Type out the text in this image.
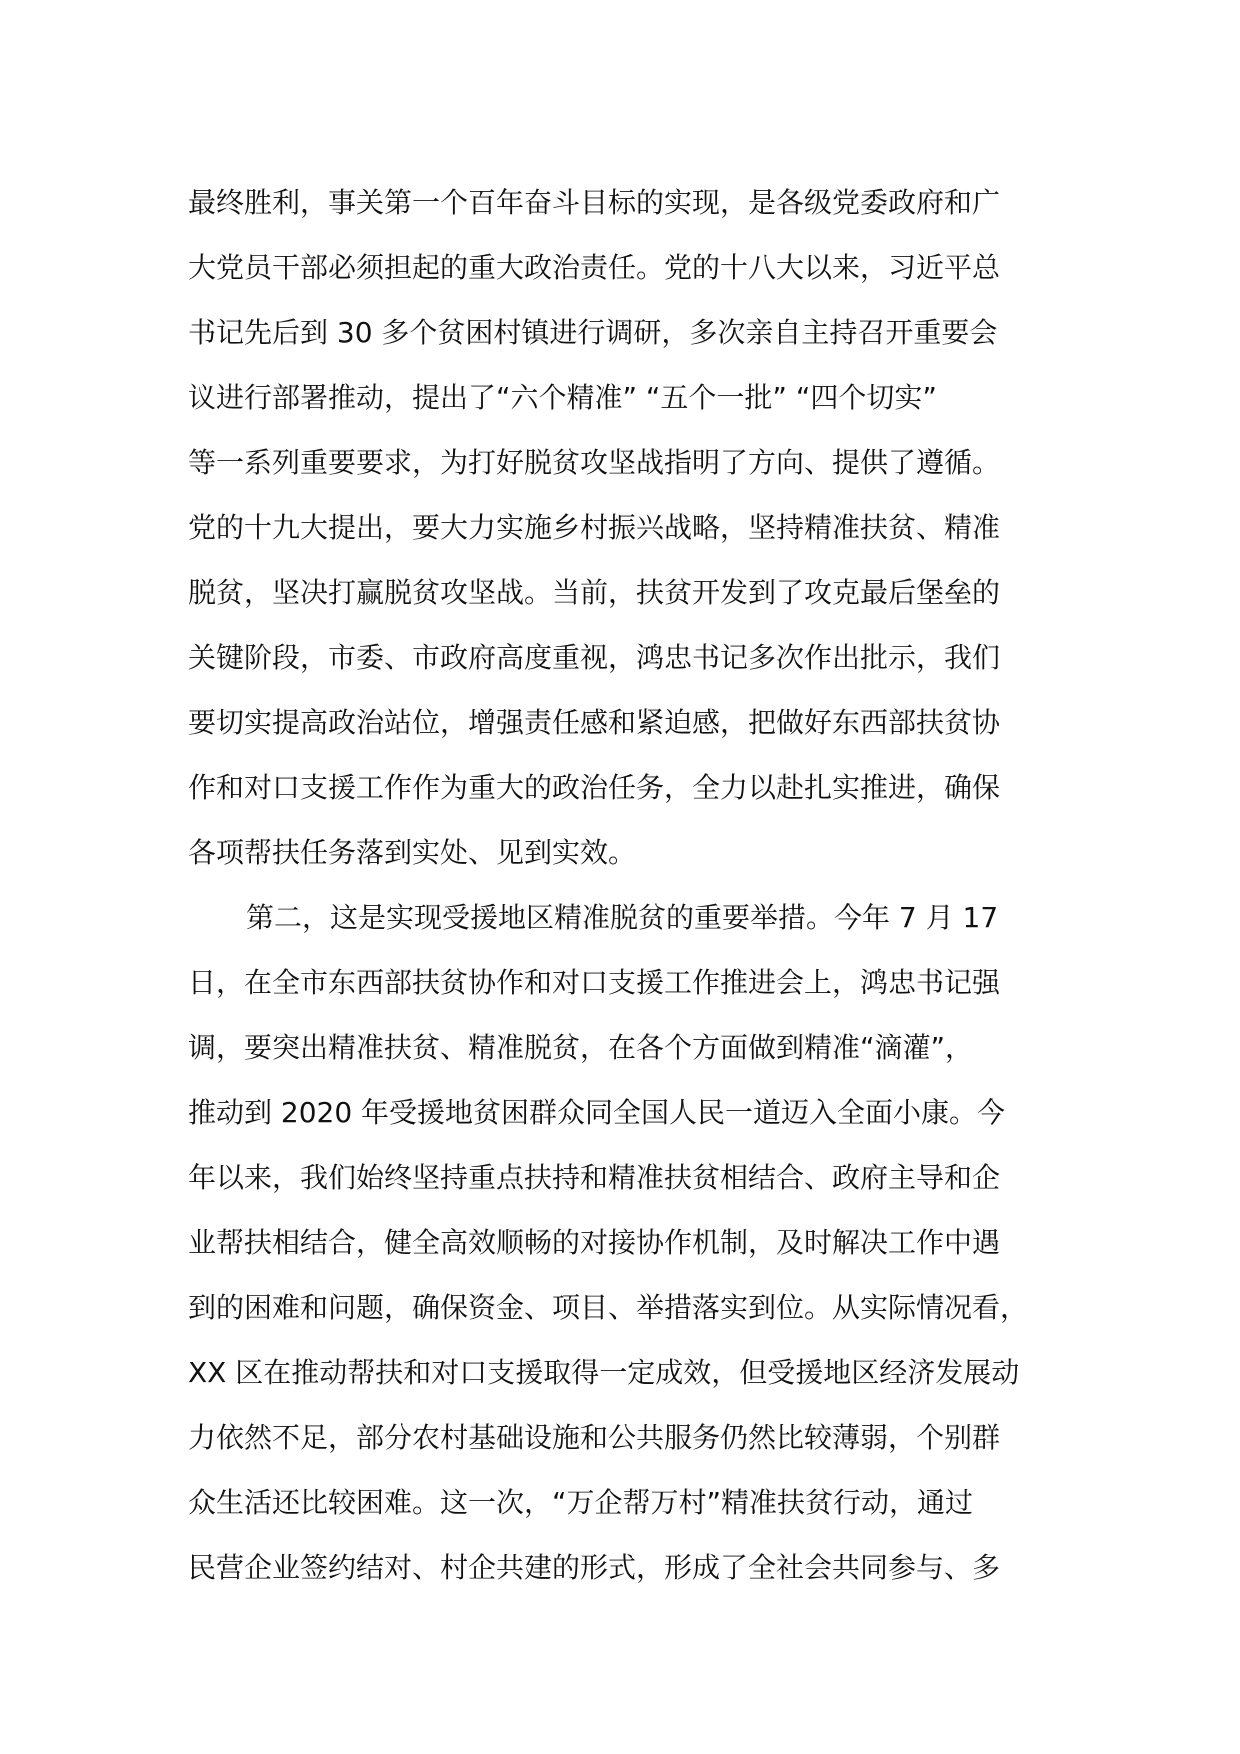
最终胜利，事关第一个百年奋斗目标的实现，是各级党委政府和广
大党员干部必须担起的重大政治责任。党的十八大以来，习近平总
书记先后到 30 多个贫困村镇进行调研，多次亲自主持召开重要会
议进行部署推动，提出了“六个精准” “五个一批” “四个切实”
等一系列重要要求，为打好脱贫攻坚战指明了方向、提供了遵循。
党的十九大提出，要大力实施乡村振兴战略，坚持精准扶贫、精准
脱贫，坚决打赢脱贫攻坚战。当前，扶贫开发到了攻克最后堡垒的
关键阶段，市委、市政府高度重视，鸿忠书记多次作出批示，我们
要切实提高政治站位，增强责任感和紧迫感，把做好东西部扶贫协
作和对口支援工作作为重大的政治任务，全力以赴扎实推进，确保
各项帮扶任务落到实处、见到实效。
第二，这是实现受援地区精准脱贫的重要举措。今年 7 月 17
日，在全市东西部扶贫协作和对口支援工作推进会上，鸿忠书记强
调，要突出精准扶贫、精准脱贫，在各个方面做到精准“滴灌”，
推动到 2020 年受援地贫困群众同全国人民一道迈入全面小康。今
年以来，我们始终坚持重点扶持和精准扶贫相结合、政府主导和企
业帮扶相结合，健全高效顺畅的对接协作机制，及时解决工作中遇
到的困难和问题，确保资金、项目、举措落实到位。从实际情况看，
XX 区在推动帮扶和对口支援取得一定成效，但受援地区经济发展动
力依然不足，部分农村基础设施和公共服务仍然比较薄弱，个别群
众生活还比较困难。这一次，“万企帮万村”精准扶贫行动，通过
民营企业签约结对、村企共建的形式，形成了全社会共同参与、多
